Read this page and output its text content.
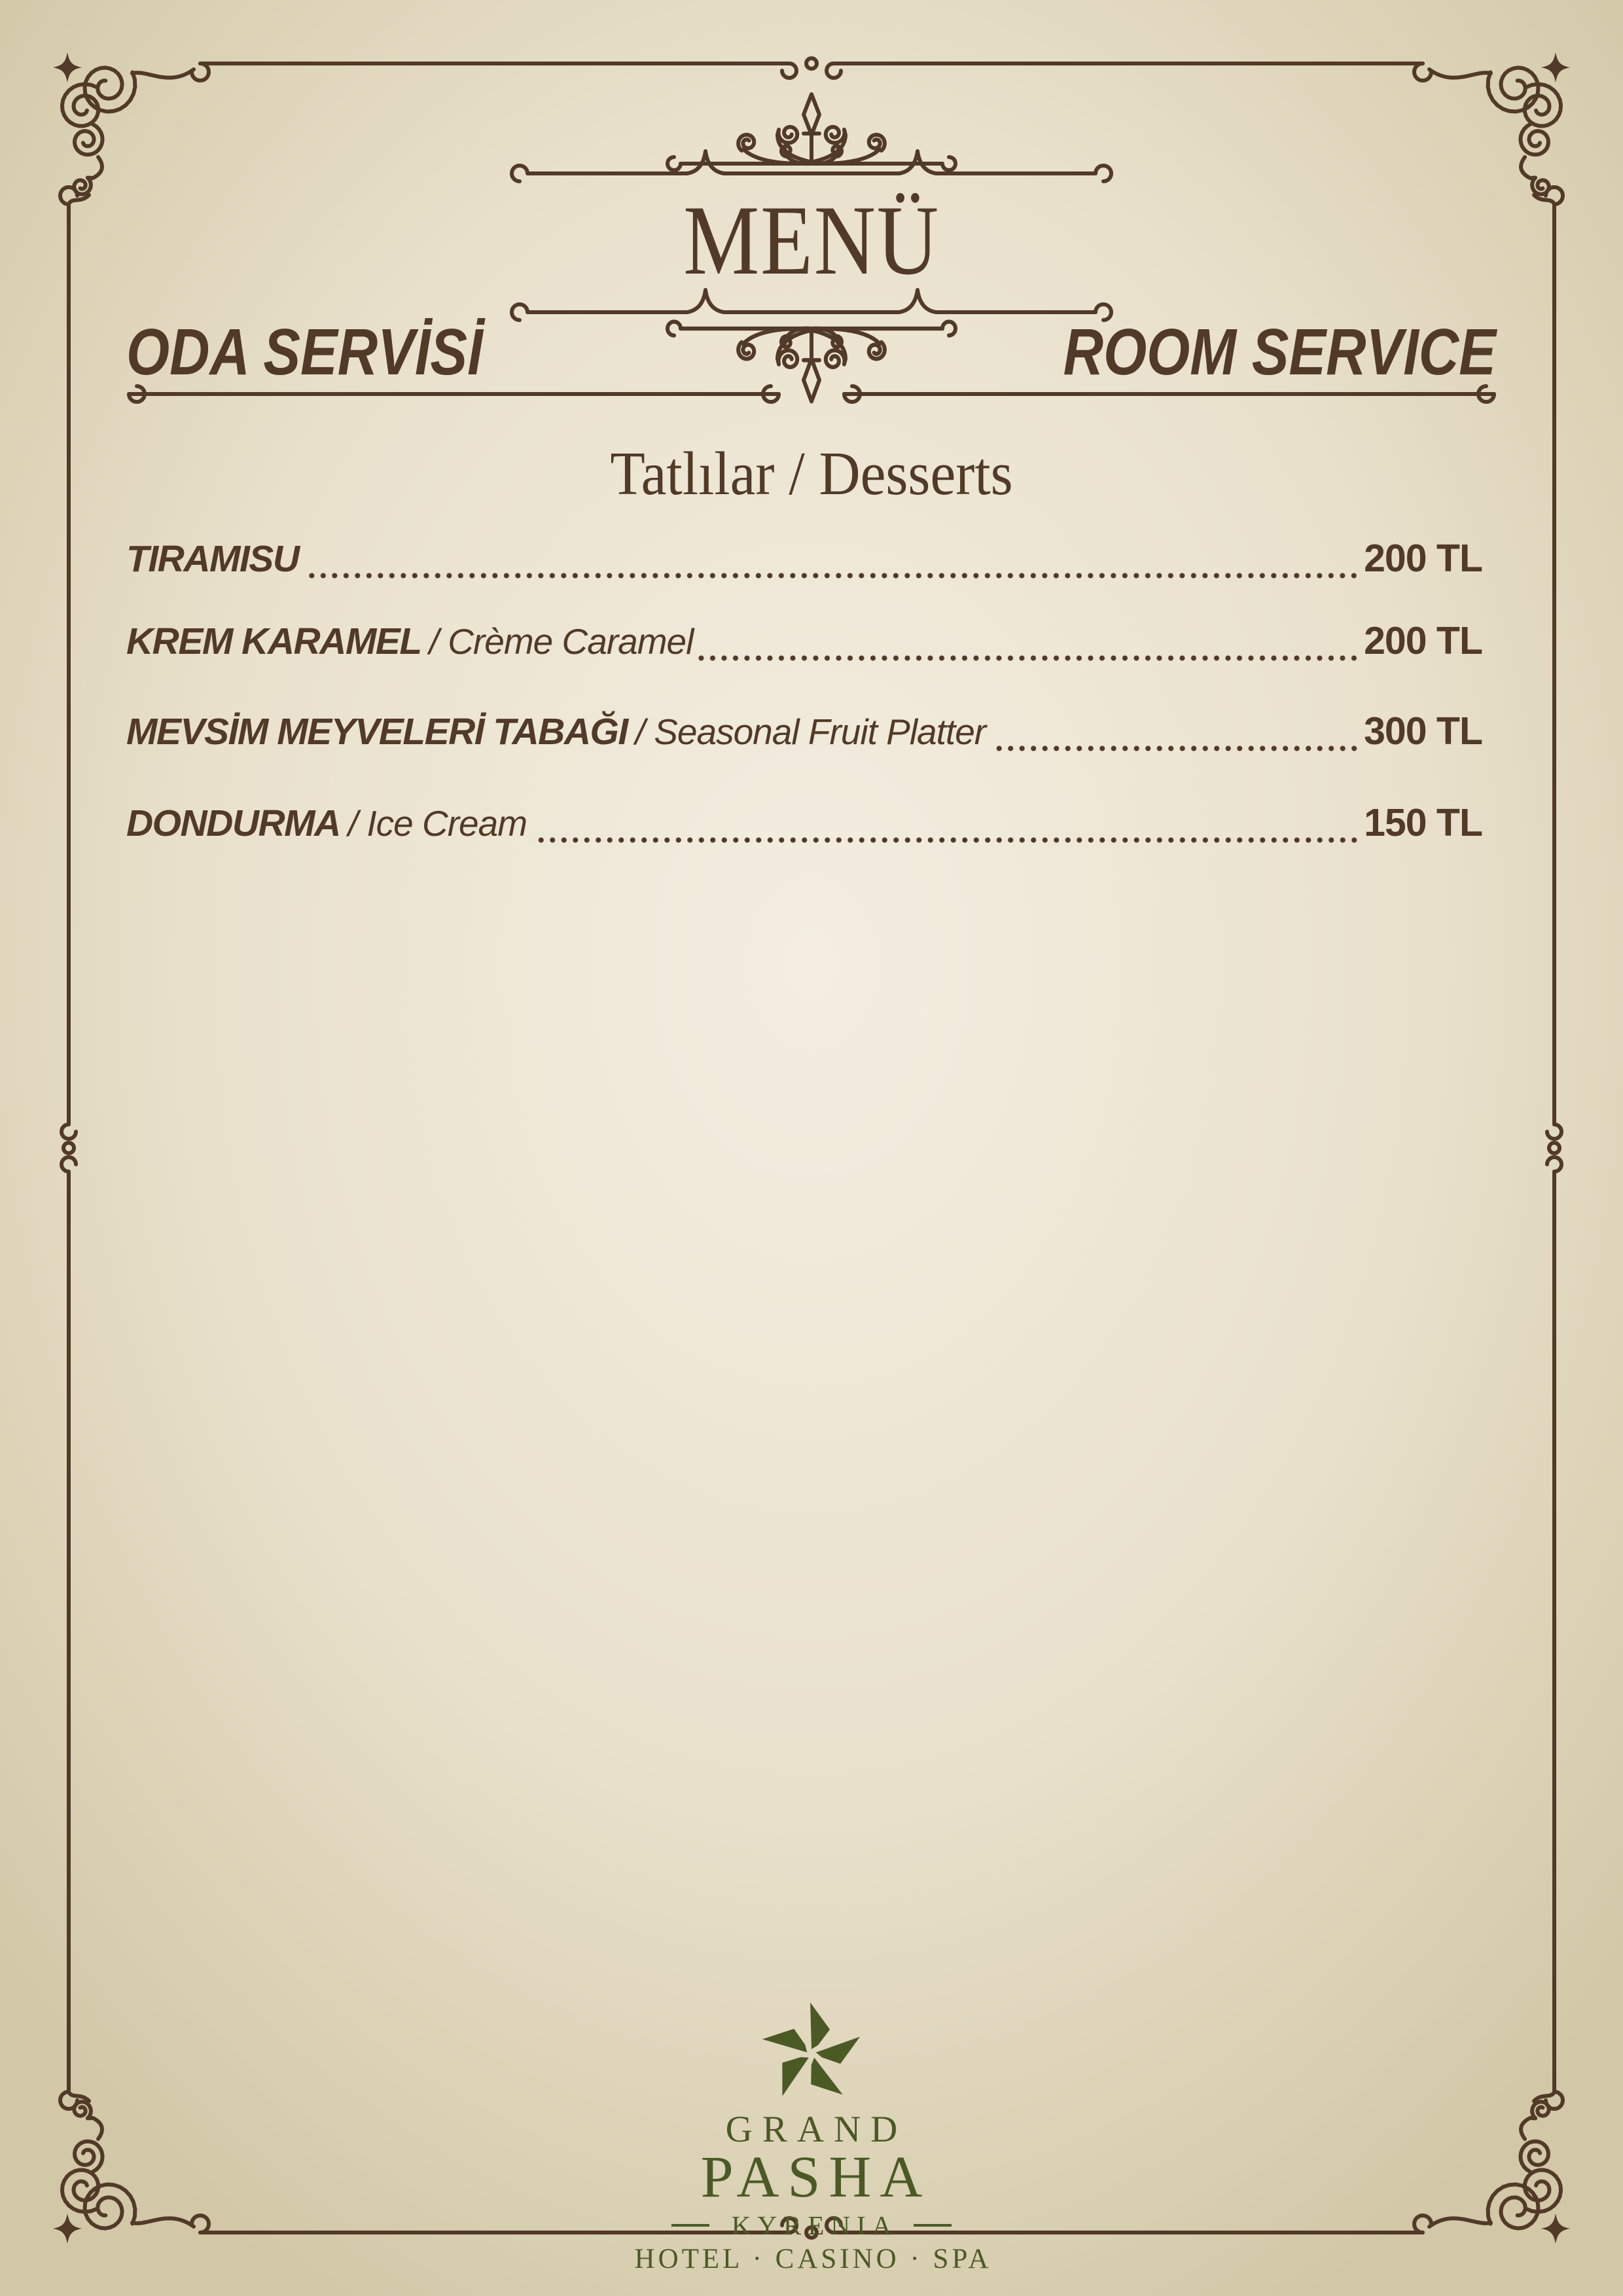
MENÜ
ODA SERVİSİ	ROOM SERVICE
Tatlılar / Desserts
TIRAMISU	200 TL
KREM KARAMEL / Crème Caramel	200 TL
MEVSİM MEYVELERİ TABAĞI / Seasonal Fruit Platter	300 TL
DONDURMA / Ice Cream	150 TL
GRAND
PASHA
KYRENIA
HOTEL · CASINO · SPA
